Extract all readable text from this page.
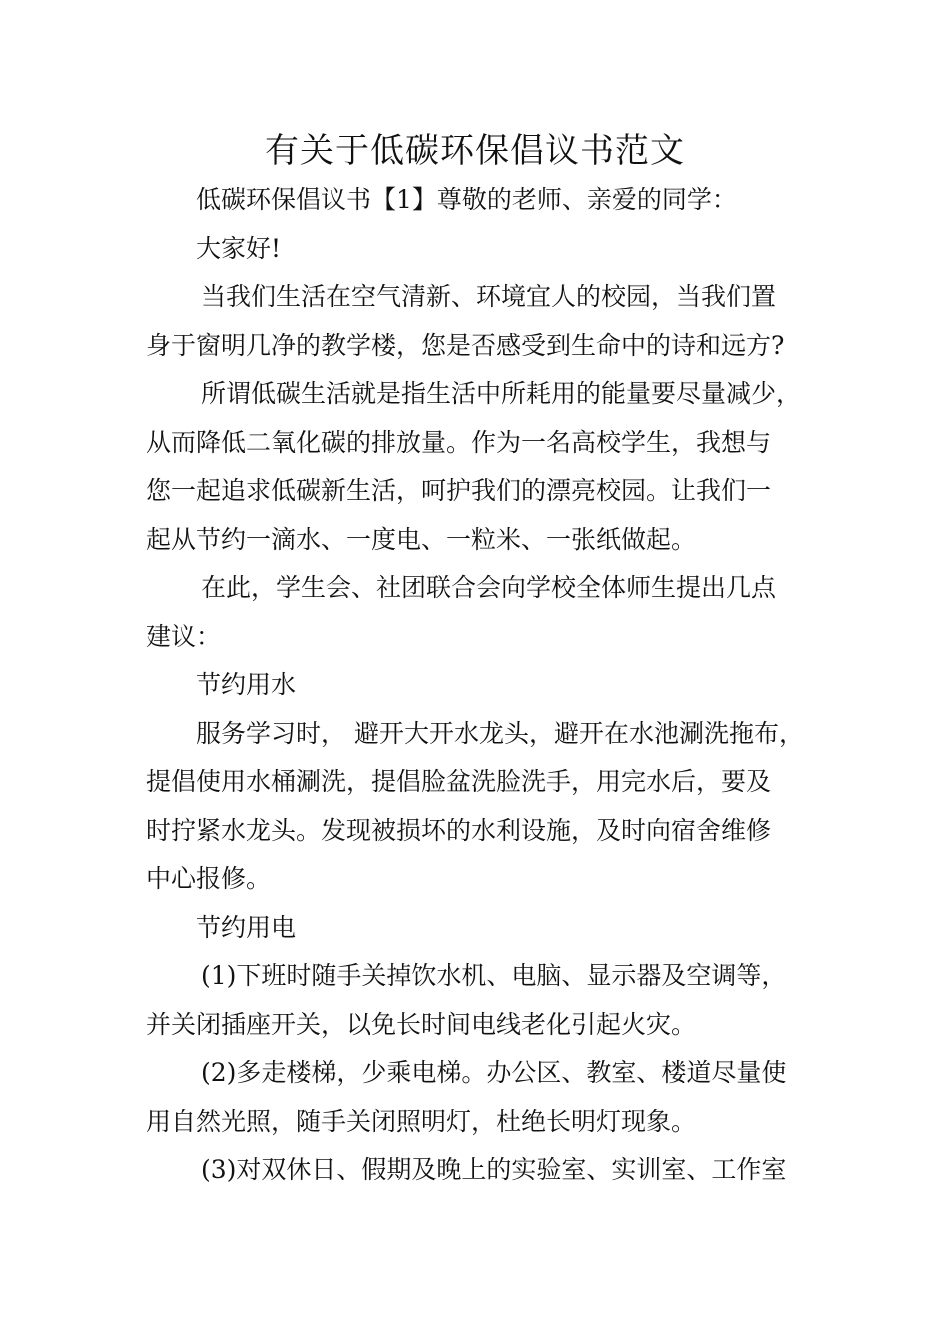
有关于低碳环保倡议书范文

低碳环保倡议书【1】尊敬的老师、亲爱的同学：

大家好!

当我们生活在空气清新、环境宜人的校园，当我们置

身于窗明几净的教学楼，您是否感受到生命中的诗和远方?

所谓低碳生活就是指生活中所耗用的能量要尽量减少，

从而降低二氧化碳的排放量。作为一名高校学生，我想与

您一起追求低碳新生活，呵护我们的漂亮校园。让我们一

起从节约一滴水、一度电、一粒米、一张纸做起。

在此，学生会、社团联合会向学校全体师生提出几点

建议：

节约用水

服务学习时， 避开大开水龙头，避开在水池涮洗拖布，

提倡使用水桶涮洗，提倡脸盆洗脸洗手，用完水后，要及

时拧紧水龙头。发现被损坏的水利设施，及时向宿舍维修

中心报修。

节约用电

(1)下班时随手关掉饮水机、电脑、显示器及空调等，

并关闭插座开关，以免长时间电线老化引起火灾。

(2)多走楼梯，少乘电梯。办公区、教室、楼道尽量使

用自然光照，随手关闭照明灯，杜绝长明灯现象。

(3)对双休日、假期及晚上的实验室、实训室、工作室
